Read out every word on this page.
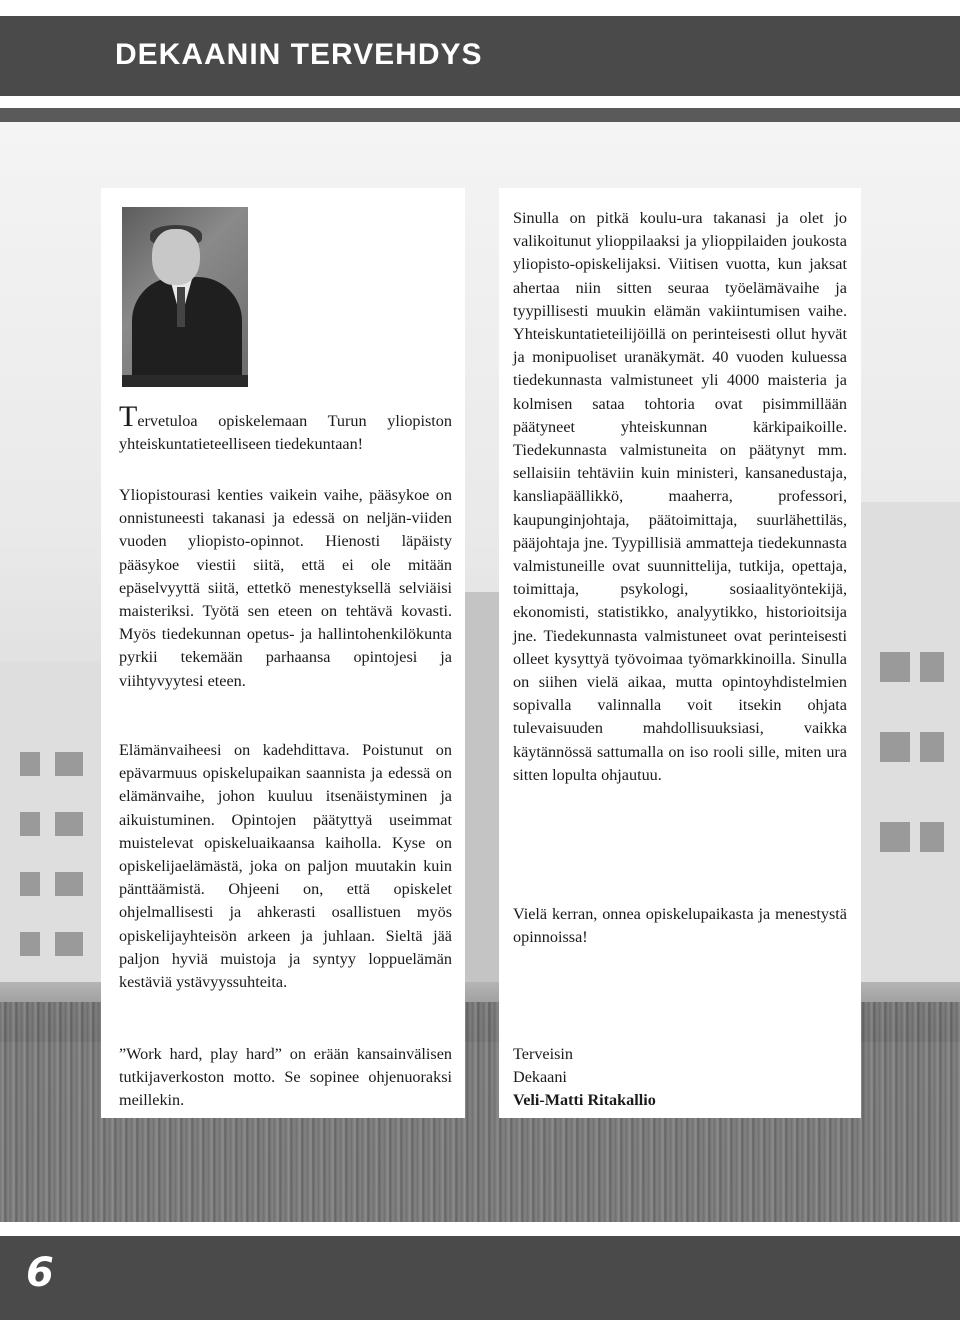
DEKAANIN TERVEHDYS

Tervetuloa opiskelemaan Turun yliopiston yhteiskuntatieteelliseen tiedekuntaan!

Yliopistourasi kenties vaikein vaihe, pääsykoe on onnistuneesti takanasi ja edessä on neljän-viiden vuoden yliopisto-opinnot. Hienosti läpäisty pääsykoe viestii siitä, että ei ole mitään epäselvyyttä siitä, ettetkö menestyksellä selviäisi maisteriksi. Työtä sen eteen on tehtävä kovasti. Myös tiedekunnan opetus- ja hallintohenkilökunta pyrkii tekemään parhaansa opintojesi ja viihtyvyytesi eteen.

Elämänvaiheesi on kadehdittava. Poistunut on epävarmuus opiskelupaikan saannista ja edessä on elämänvaihe, johon kuuluu itsenäistyminen ja aikuistuminen. Opintojen päätyttyä useimmat muistelevat opiskeluaikaansa kaiholla. Kyse on opiskelijaelämästä, joka on paljon muutakin kuin pänttäämistä. Ohjeeni on, että opiskelet ohjelmallisesti ja ahkerasti osallistuen myös opiskelijayhteisön arkeen ja juhlaan. Sieltä jää paljon hyviä muistoja ja syntyy loppuelämän kestäviä ystävyyssuhteita.

”Work hard, play hard” on erään kansainvälisen tutkijaverkoston motto. Se sopinee ohjenuoraksi meillekin.

Sinulla on pitkä koulu-ura takanasi ja olet jo valikoitunut ylioppilaaksi ja ylioppilaiden joukosta yliopisto-opiskelijaksi. Viitisen vuotta, kun jaksat ahertaa niin sitten seuraa työelämävaihe ja tyypillisesti muukin elämän vakiintumisen vaihe. Yhteiskuntatieteilijöillä on perinteisesti ollut hyvät ja monipuoliset uranäkymät. 40 vuoden kuluessa tiedekunnasta valmistuneet yli 4000 maisteria ja kolmisen sataa tohtoria ovat pisimmillään päätyneet yhteiskunnan kärkipaikoille. Tiedekunnasta valmistuneita on päätynyt mm. sellaisiin tehtäviin kuin ministeri, kansanedustaja, kansliapäällikkö, maaherra, professori, kaupunginjohtaja, päätoimittaja, suurlähettiläs, pääjohtaja jne. Tyypillisiä ammatteja tiedekunnasta valmistuneille ovat suunnittelija, tutkija, opettaja, toimittaja, psykologi, sosiaalityöntekijä, ekonomisti, statistikko, analyytikko, historioitsija jne. Tiedekunnasta valmistuneet ovat perinteisesti olleet kysyttyä työvoimaa työmarkkinoilla. Sinulla on siihen vielä aikaa, mutta opintoyhdistelmien sopivalla valinnalla voit itsekin ohjata tulevaisuuden mahdollisuuksiasi, vaikka käytännössä sattumalla on iso rooli sille, miten ura sitten lopulta ohjautuu.

Vielä kerran, onnea opiskelupaikasta ja menestystä opinnoissa!

Terveisin

Dekaani

Veli-Matti Ritakallio

6
